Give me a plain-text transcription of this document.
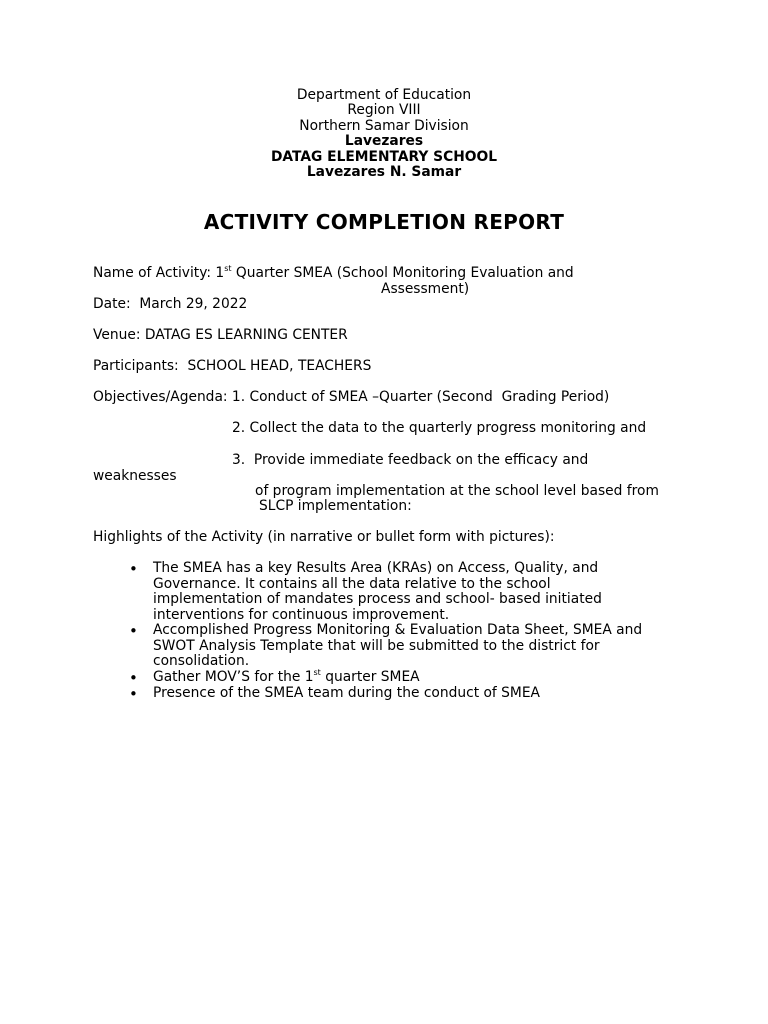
Department of Education
Region VIII
Northern Samar Division
Lavezares
DATAG ELEMENTARY SCHOOL
Lavezares N. Samar
ACTIVITY COMPLETION REPORT
Name of Activity: 1st Quarter SMEA (School Monitoring Evaluation and
Assessment)
Date:  March 29, 2022
Venue: DATAG ES LEARNING CENTER
Participants:  SCHOOL HEAD, TEACHERS
Objectives/Agenda: 1. Conduct of SMEA –Quarter (Second  Grading Period)
2. Collect the data to the quarterly progress monitoring and
3.  Provide immediate feedback on the efficacy and
weaknesses
of program implementation at the school level based from
SLCP implementation:
Highlights of the Activity (in narrative or bullet form with pictures):
• The SMEA has a key Results Area (KRAs) on Access, Quality, and
Governance. It contains all the data relative to the school
implementation of mandates process and school- based initiated
interventions for continuous improvement.
• Accomplished Progress Monitoring & Evaluation Data Sheet, SMEA and
SWOT Analysis Template that will be submitted to the district for
consolidation.
• Gather MOV’S for the 1st quarter SMEA
• Presence of the SMEA team during the conduct of SMEA
